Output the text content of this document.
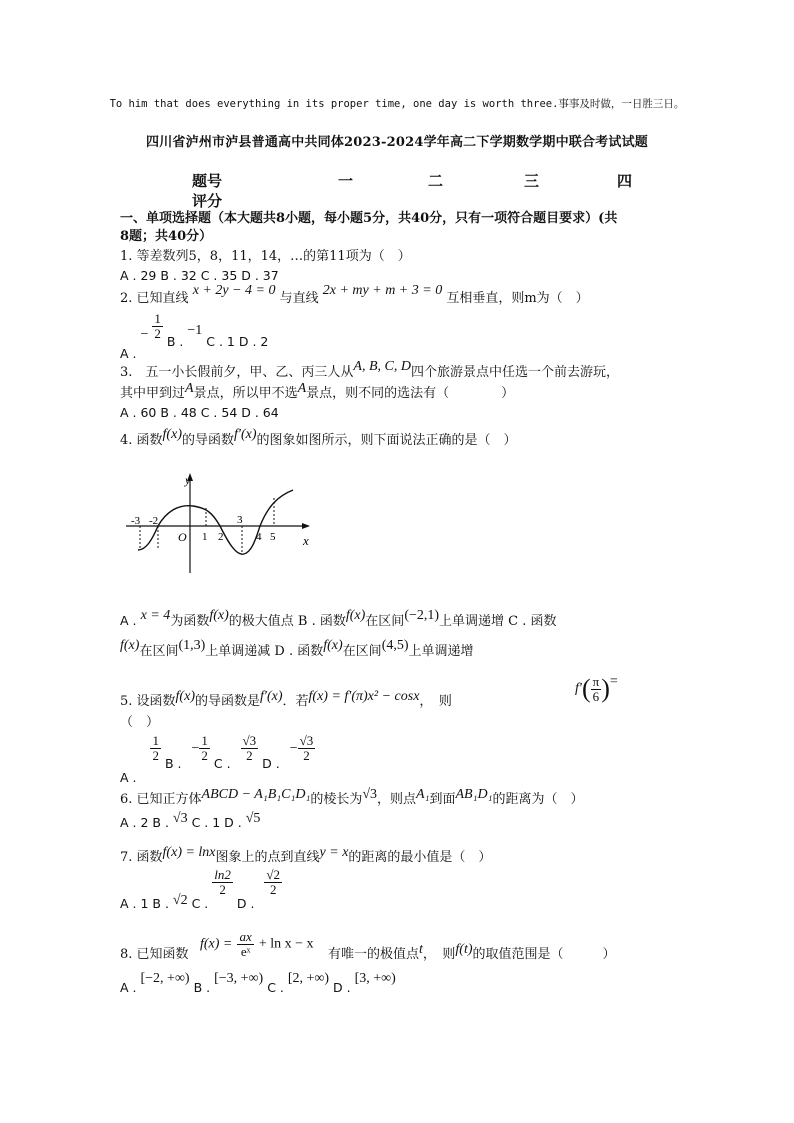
To him that does everything in its proper time, one day is worth three.事事及时做，一日胜三日。
四川省泸州市泸县普通高中共同体2023-2024学年高二下学期数学期中联合考试试题
题号	一	二	三	四
评分
一、单项选择题（本大题共8小题，每小题5分，共40分，只有一项符合题目要求）(共
8题；共40分）
1. 等差数列5，8，11，14，…的第11项为（　）
A . 29 B . 32 C . 35 D . 37
2. 已知直线 x + 2y − 4 = 0 与直线 2x + my + m + 3 = 0 互相垂直，则m为（　）
A . − $\frac{1}{2}$
B . −1 C . 1 D . 2
3.　五一小长假前夕，甲、乙、丙三人从A, B, C, D四个旅游景点中任选一个前去游玩，
其中甲到过A景点，所以甲不选A景点，则不同的选法有（　　　　）
A . 60 B . 48 C . 54 D . 64
4. 函数f(x)的导函数f′(x)的图象如图所示，则下面说法正确的是（　）
y
x
O
-3 -2
1 2
3
4 5
A . x = 4为函数f(x)的极大值点 B . 函数f(x)在区间(−2,1)上单调递增 C . 函数
f(x)在区间(1,3)上单调递减 D . 函数f(x)在区间(4,5)上单调递增
5. 设函数f(x)的导函数是f′(x)．若f(x) = f′(π)x² − cosx，　则
$f'( \frac{\pi}{6}$ )=
（　）
A .
$\frac{1}{2}$
B . − $\frac{1}{2}$
C .
$\frac{√3}{2}$
D . − $\frac{√3}{2}$
6. 已知正方体ABCD − A₁B₁C₁D₁的棱长为√3，则点A₁到面AB₁D₁的距离为（　）
A . 2 B . √3 C . 1 D . √5
7. 函数f(x) = lnx图象上的点到直线y = x的距离的最小值是（　）
A . 1 B . √2 C .
$\frac{\ln 2}{2}$
D .
$\frac{√2}{2}$
8. 已知函数
$f(x) = \frac{ax}{\text{eˣ}} + \ln x - x$
有唯一的极值点t，　则f(t)的取值范围是（　　　）
A . [−2, +∞) B . [−3, +∞) C . [2, +∞) D . [3, +∞)
